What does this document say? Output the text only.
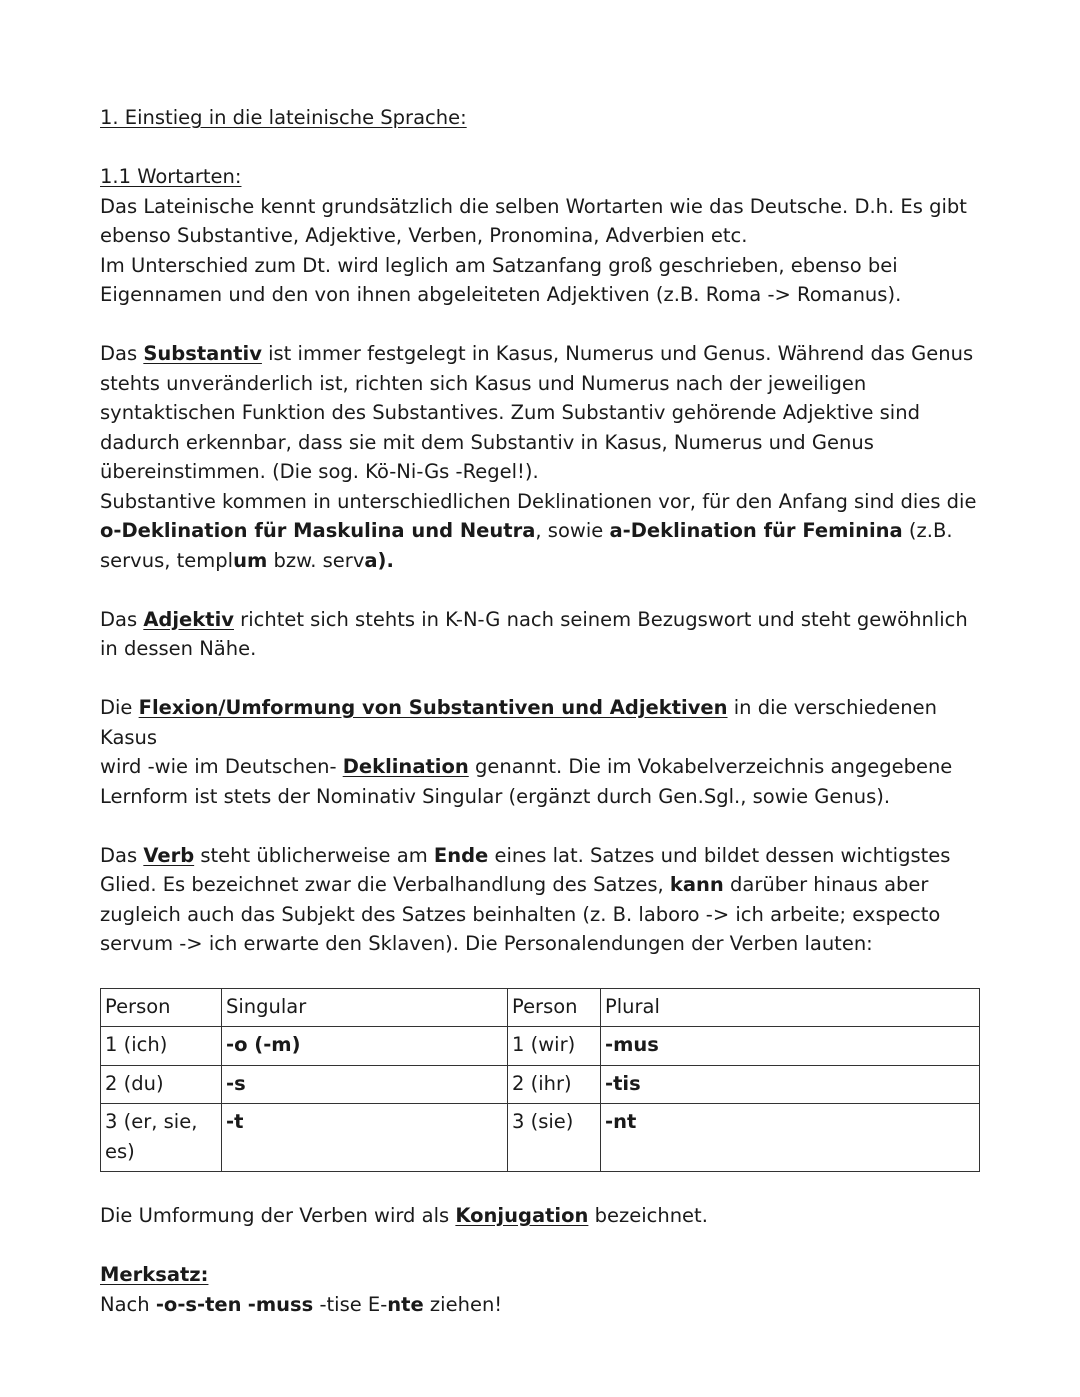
1. Einstieg in die lateinische Sprache:

1.1 Wortarten:

Das Lateinische kennt grundsätzlich die selben Wortarten wie das Deutsche. D.h. Es gibt

ebenso Substantive, Adjektive, Verben, Pronomina, Adverbien etc.

Im Unterschied zum Dt. wird leglich am Satzanfang groß geschrieben, ebenso bei

Eigennamen und den von ihnen abgeleiteten Adjektiven (z.B. Roma -> Romanus).

Das Substantiv ist immer festgelegt in Kasus, Numerus und Genus. Während das Genus

stehts unveränderlich ist, richten sich Kasus und Numerus nach der jeweiligen

syntaktischen Funktion des Substantives. Zum Substantiv gehörende Adjektive sind

dadurch erkennbar, dass sie mit dem Substantiv in Kasus, Numerus und Genus

übereinstimmen. (Die sog. Kö-Ni-Gs -Regel!).

Substantive kommen in unterschiedlichen Deklinationen vor, für den Anfang sind dies die

o-Deklination für Maskulina und Neutra, sowie a-Deklination für Feminina (z.B.

servus, templum bzw. serva).

Das Adjektiv richtet sich stehts in K-N-G nach seinem Bezugswort und steht gewöhnlich

in dessen Nähe.

Die Flexion/Umformung von Substantiven und Adjektiven in die verschiedenen Kasus

wird -wie im Deutschen- Deklination genannt. Die im Vokabelverzeichnis angegebene

Lernform ist stets der Nominativ Singular (ergänzt durch Gen.Sgl., sowie Genus).

Das Verb steht üblicherweise am Ende eines lat. Satzes und bildet dessen wichtigstes

Glied. Es bezeichnet zwar die Verbalhandlung des Satzes, kann darüber hinaus aber

zugleich auch das Subjekt des Satzes beinhalten (z. B. laboro -> ich arbeite; exspecto

servum -> ich erwarte den Sklaven). Die Personalendungen der Verben lauten:

Person	Singular	Person	Plural
1 (ich)	-o (-m)	1 (wir)	-mus
2 (du)	-s	2 (ihr)	-tis
3 (er, sie, es)	-t	3 (sie)	-nt

Die Umformung der Verben wird als Konjugation bezeichnet.

Merksatz:

Nach -o-s-ten -muss -tise E-nte ziehen!
